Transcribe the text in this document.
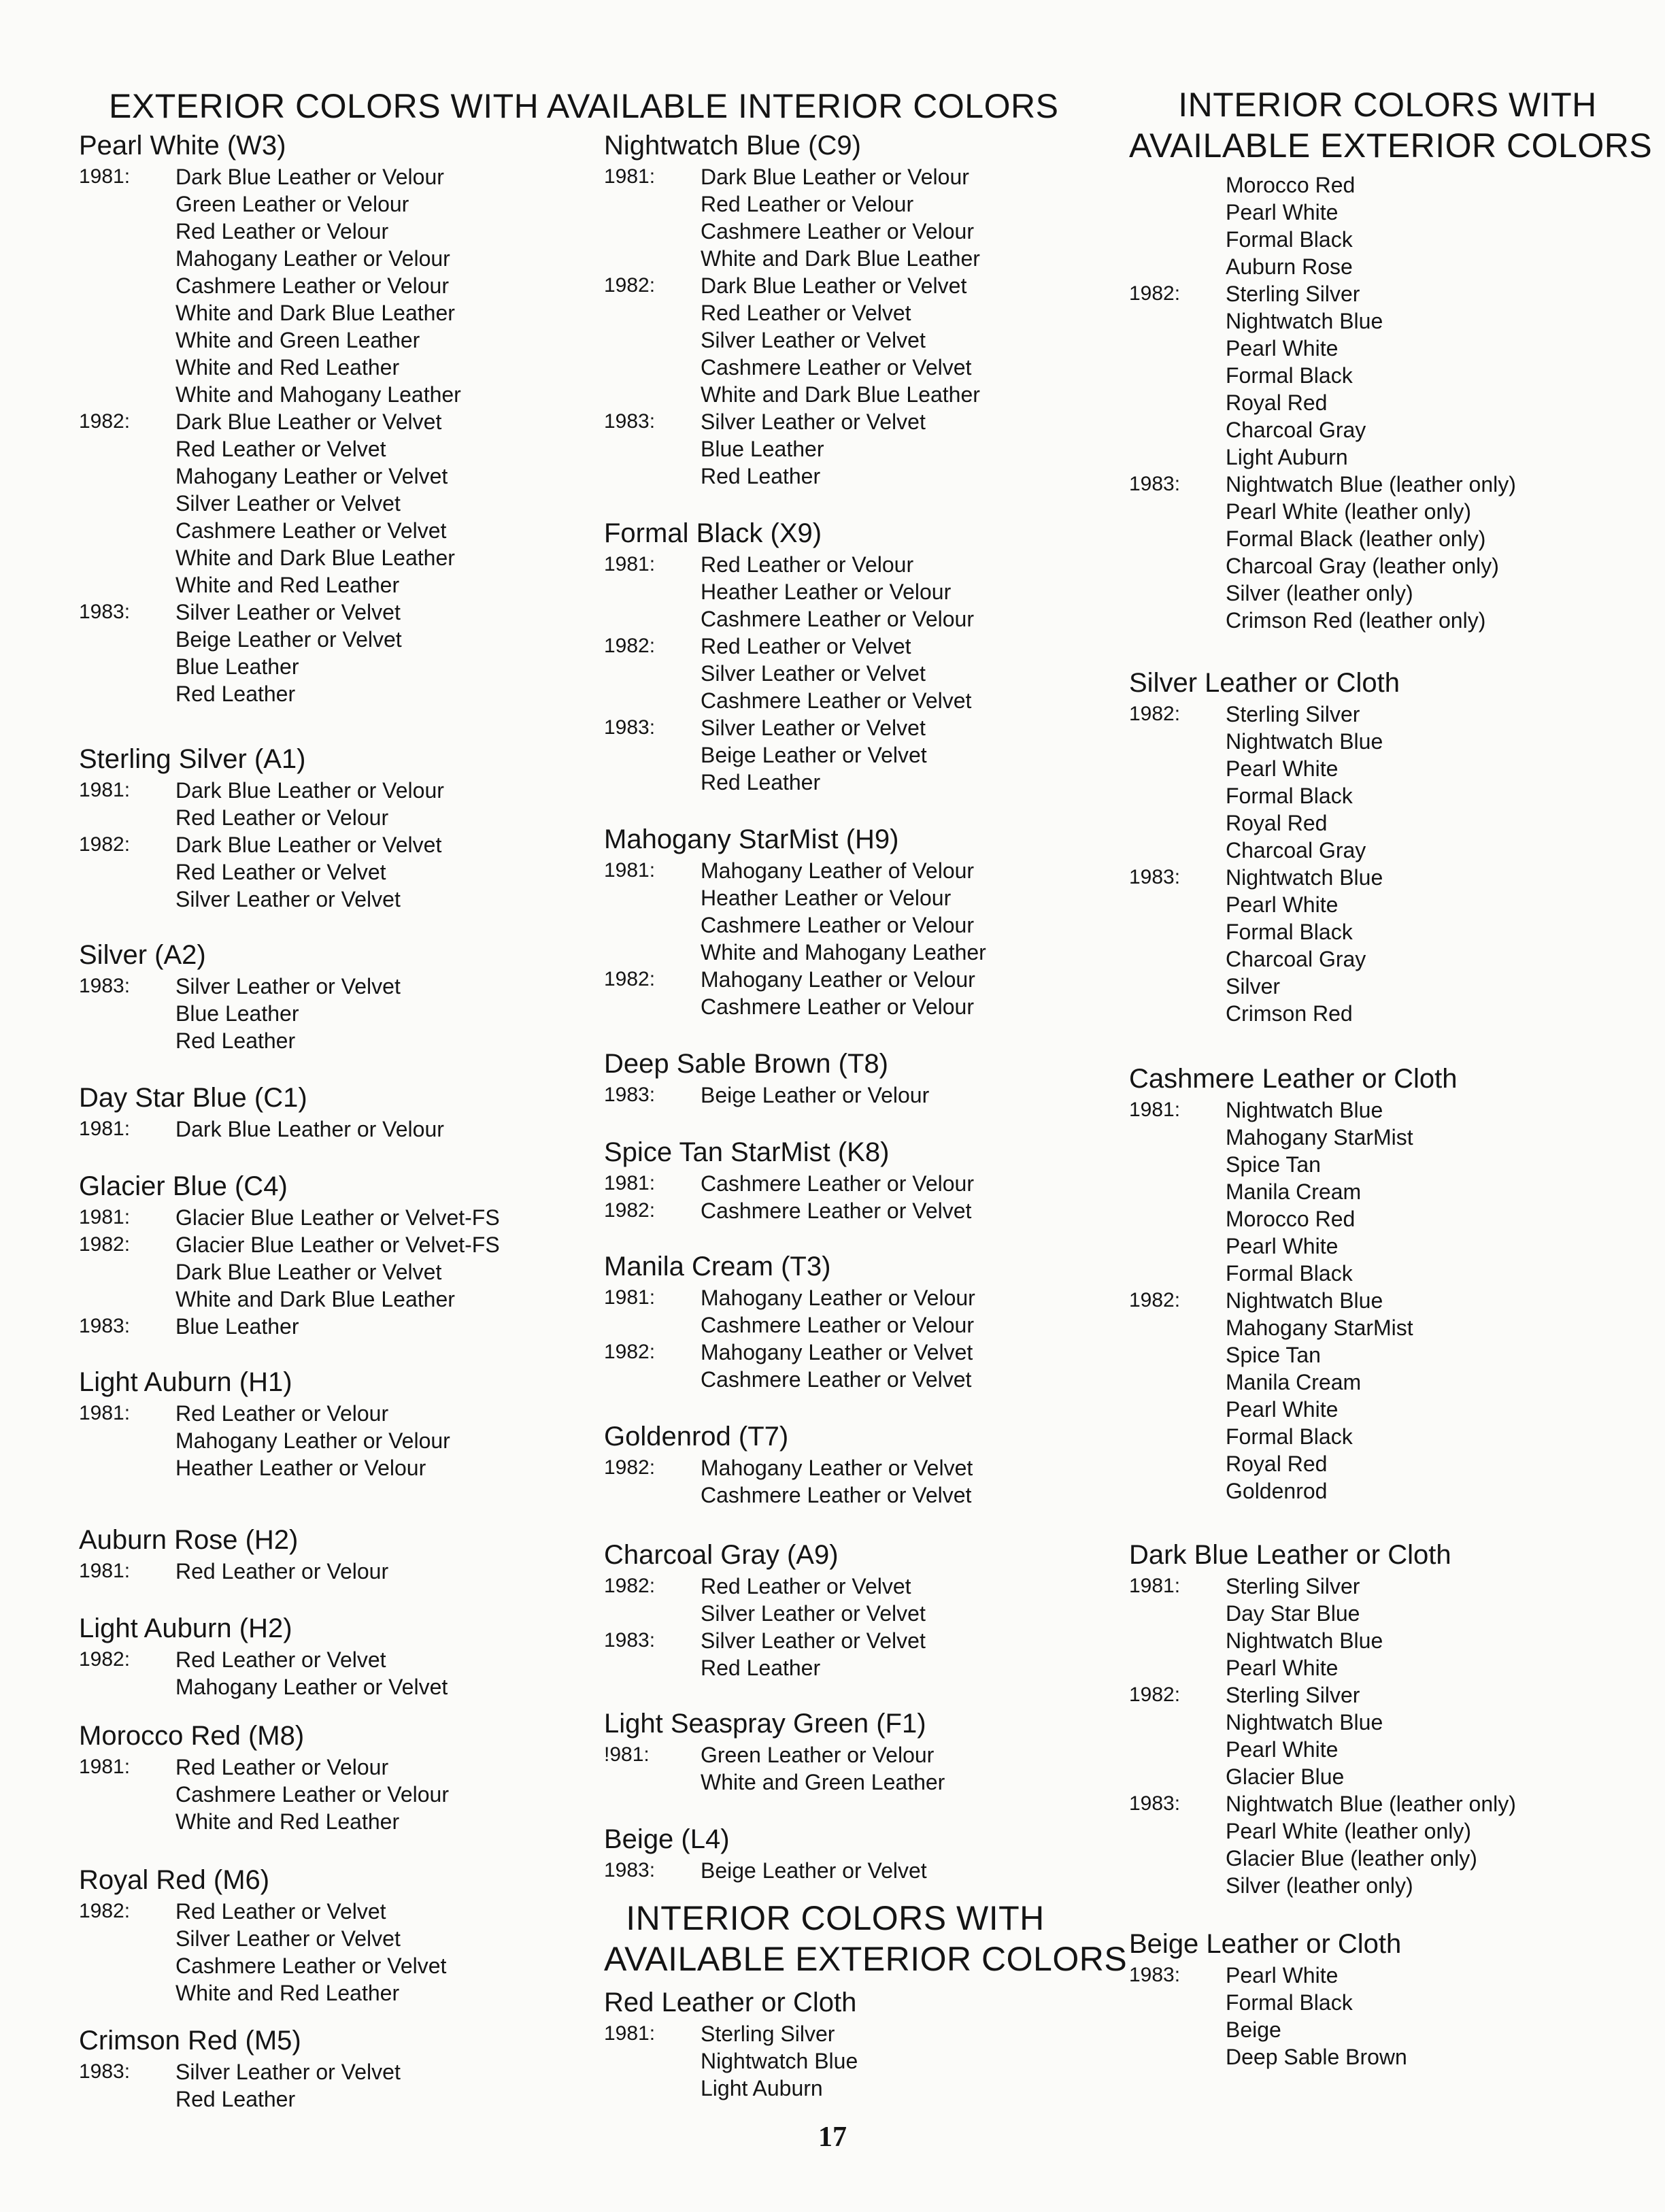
EXTERIOR COLORS WITH AVAILABLE INTERIOR COLORS	INTERIOR COLORS WITH
AVAILABLE EXTERIOR COLORS
INTERIOR COLORS WITH
AVAILABLE EXTERIOR COLORS
Pearl White (W3)
1981: Dark Blue Leather or Velour
Green Leather or Velour
Red Leather or Velour
Mahogany Leather or Velour
Cashmere Leather or Velour
White and Dark Blue Leather
White and Green Leather
White and Red Leather
White and Mahogany Leather
1982: Dark Blue Leather or Velvet
Red Leather or Velvet
Mahogany Leather or Velvet
Silver Leather or Velvet
Cashmere Leather or Velvet
White and Dark Blue Leather
White and Red Leather
1983: Silver Leather or Velvet
Beige Leather or Velvet
Blue Leather
Red Leather
Sterling Silver (A1)
1981: Dark Blue Leather or Velour
Red Leather or Velour
1982: Dark Blue Leather or Velvet
Red Leather or Velvet
Silver Leather or Velvet
Silver (A2)
1983: Silver Leather or Velvet
Blue Leather
Red Leather
Day Star Blue (C1)
1981: Dark Blue Leather or Velour
Glacier Blue (C4)
1981: Glacier Blue Leather or Velvet-FS
1982: Glacier Blue Leather or Velvet-FS
Dark Blue Leather or Velvet
White and Dark Blue Leather
1983: Blue Leather
Light Auburn (H1)
1981: Red Leather or Velour
Mahogany Leather or Velour
Heather Leather or Velour
Auburn Rose (H2)
1981: Red Leather or Velour
Light Auburn (H2)
1982: Red Leather or Velvet
Mahogany Leather or Velvet
Morocco Red (M8)
1981: Red Leather or Velour
Cashmere Leather or Velour
White and Red Leather
Royal Red (M6)
1982: Red Leather or Velvet
Silver Leather or Velvet
Cashmere Leather or Velvet
White and Red Leather
Crimson Red (M5)
1983: Silver Leather or Velvet
Red Leather
Nightwatch Blue (C9)
1981: Dark Blue Leather or Velour
Red Leather or Velour
Cashmere Leather or Velour
White and Dark Blue Leather
1982: Dark Blue Leather or Velvet
Red Leather or Velvet
Silver Leather or Velvet
Cashmere Leather or Velvet
White and Dark Blue Leather
1983: Silver Leather or Velvet
Blue Leather
Red Leather
Formal Black (X9)
1981: Red Leather or Velour
Heather Leather or Velour
Cashmere Leather or Velour
1982: Red Leather or Velvet
Silver Leather or Velvet
Cashmere Leather or Velvet
1983: Silver Leather or Velvet
Beige Leather or Velvet
Red Leather
Mahogany StarMist (H9)
1981: Mahogany Leather of Velour
Heather Leather or Velour
Cashmere Leather or Velour
White and Mahogany Leather
1982: Mahogany Leather or Velour
Cashmere Leather or Velour
Deep Sable Brown (T8)
1983: Beige Leather or Velour
Spice Tan StarMist (K8)
1981: Cashmere Leather or Velour
1982: Cashmere Leather or Velvet
Manila Cream (T3)
1981: Mahogany Leather or Velour
Cashmere Leather or Velour
1982: Mahogany Leather or Velvet
Cashmere Leather or Velvet
Goldenrod (T7)
1982: Mahogany Leather or Velvet
Cashmere Leather or Velvet
Charcoal Gray (A9)
1982: Red Leather or Velvet
Silver Leather or Velvet
1983: Silver Leather or Velvet
Red Leather
Light Seaspray Green (F1)
!981: Green Leather or Velour
White and Green Leather
Beige (L4)
1983: Beige Leather or Velvet
Red Leather or Cloth
1981: Sterling Silver
Nightwatch Blue
Light Auburn
Morocco Red
Pearl White
Formal Black
Auburn Rose
1982: Sterling Silver
Nightwatch Blue
Pearl White
Formal Black
Royal Red
Charcoal Gray
Light Auburn
1983: Nightwatch Blue (leather only)
Pearl White (leather only)
Formal Black (leather only)
Charcoal Gray (leather only)
Silver (leather only)
Crimson Red (leather only)
Silver Leather or Cloth
1982: Sterling Silver
Nightwatch Blue
Pearl White
Formal Black
Royal Red
Charcoal Gray
1983: Nightwatch Blue
Pearl White
Formal Black
Charcoal Gray
Silver
Crimson Red
Cashmere Leather or Cloth
1981: Nightwatch Blue
Mahogany StarMist
Spice Tan
Manila Cream
Morocco Red
Pearl White
Formal Black
1982: Nightwatch Blue
Mahogany StarMist
Spice Tan
Manila Cream
Pearl White
Formal Black
Royal Red
Goldenrod
Dark Blue Leather or Cloth
1981: Sterling Silver
Day Star Blue
Nightwatch Blue
Pearl White
1982: Sterling Silver
Nightwatch Blue
Pearl White
Glacier Blue
1983: Nightwatch Blue (leather only)
Pearl White (leather only)
Glacier Blue (leather only)
Silver (leather only)
Beige Leather or Cloth
1983: Pearl White
Formal Black
Beige
Deep Sable Brown
17
